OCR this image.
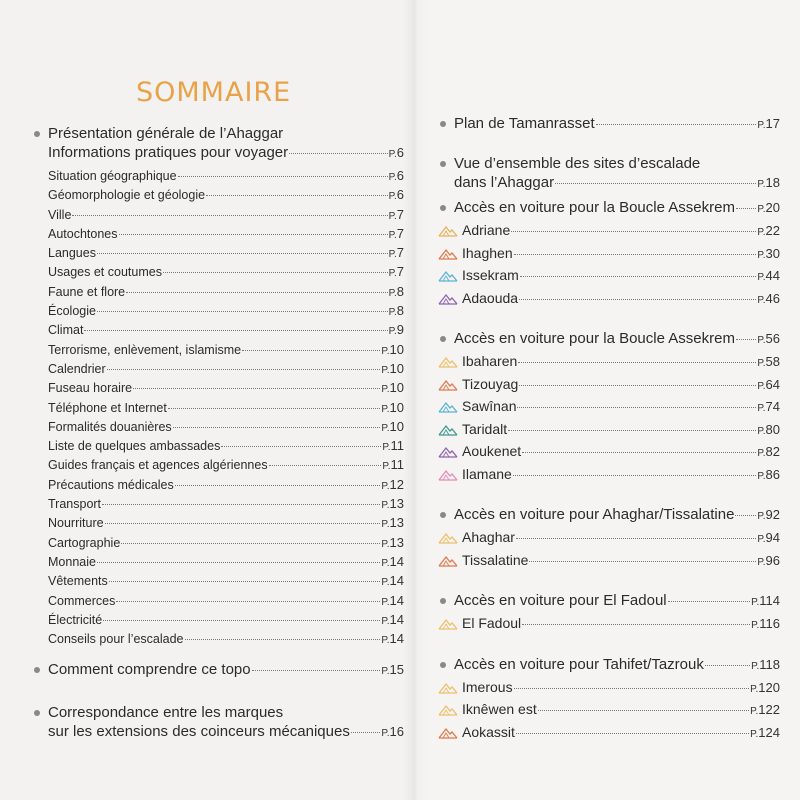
SOMMAIRE
Présentation générale de l’Ahaggar
Informations pratiques pour voyager	P.6
Situation géographique	P.6
Géomorphologie et géologie	P.6
Ville	P.7
Autochtones	P.7
Langues	P.7
Usages et coutumes	P.7
Faune et flore	P.8
Écologie	P.8
Climat	P.9
Terrorisme, enlèvement, islamisme	P.10
Calendrier	P.10
Fuseau horaire	P.10
Téléphone et Internet	P.10
Formalités douanières	P.10
Liste de quelques ambassades	P.11
Guides français et agences algériennes	P.11
Précautions médicales	P.12
Transport	P.13
Nourriture	P.13
Cartographie	P.13
Monnaie	P.14
Vêtements	P.14
Commerces	P.14
Électricité	P.14
Conseils pour l’escalade	P.14
Comment comprendre ce topo	P.15
Correspondance entre les marques
sur les extensions des coinceurs mécaniques	P.16
Plan de Tamanrasset	P.17
Vue d’ensemble des sites d’escalade
dans l’Ahaggar	P.18
Accès en voiture pour la Boucle Assekrem P.20
Adriane	P.22
Ihaghen	P.30
Issekram	P.44
Adaouda	P.46
Accès en voiture pour la Boucle Assekrem P.56
Ibaharen	P.58
Tizouyag	P.64
Sawînan	P.74
Taridalt	P.80
Aoukenet	P.82
Ilamane	P.86
Accès en voiture pour Ahaghar/Tissalatine P.92
Ahaghar	P.94
Tissalatine	P.96
Accès en voiture pour El Fadoul	P.114
El Fadoul	P.116
Accès en voiture pour Tahifet/Tazrouk	P.118
Imerous	P.120
Iknêwen est	P.122
Aokassit	P.124
